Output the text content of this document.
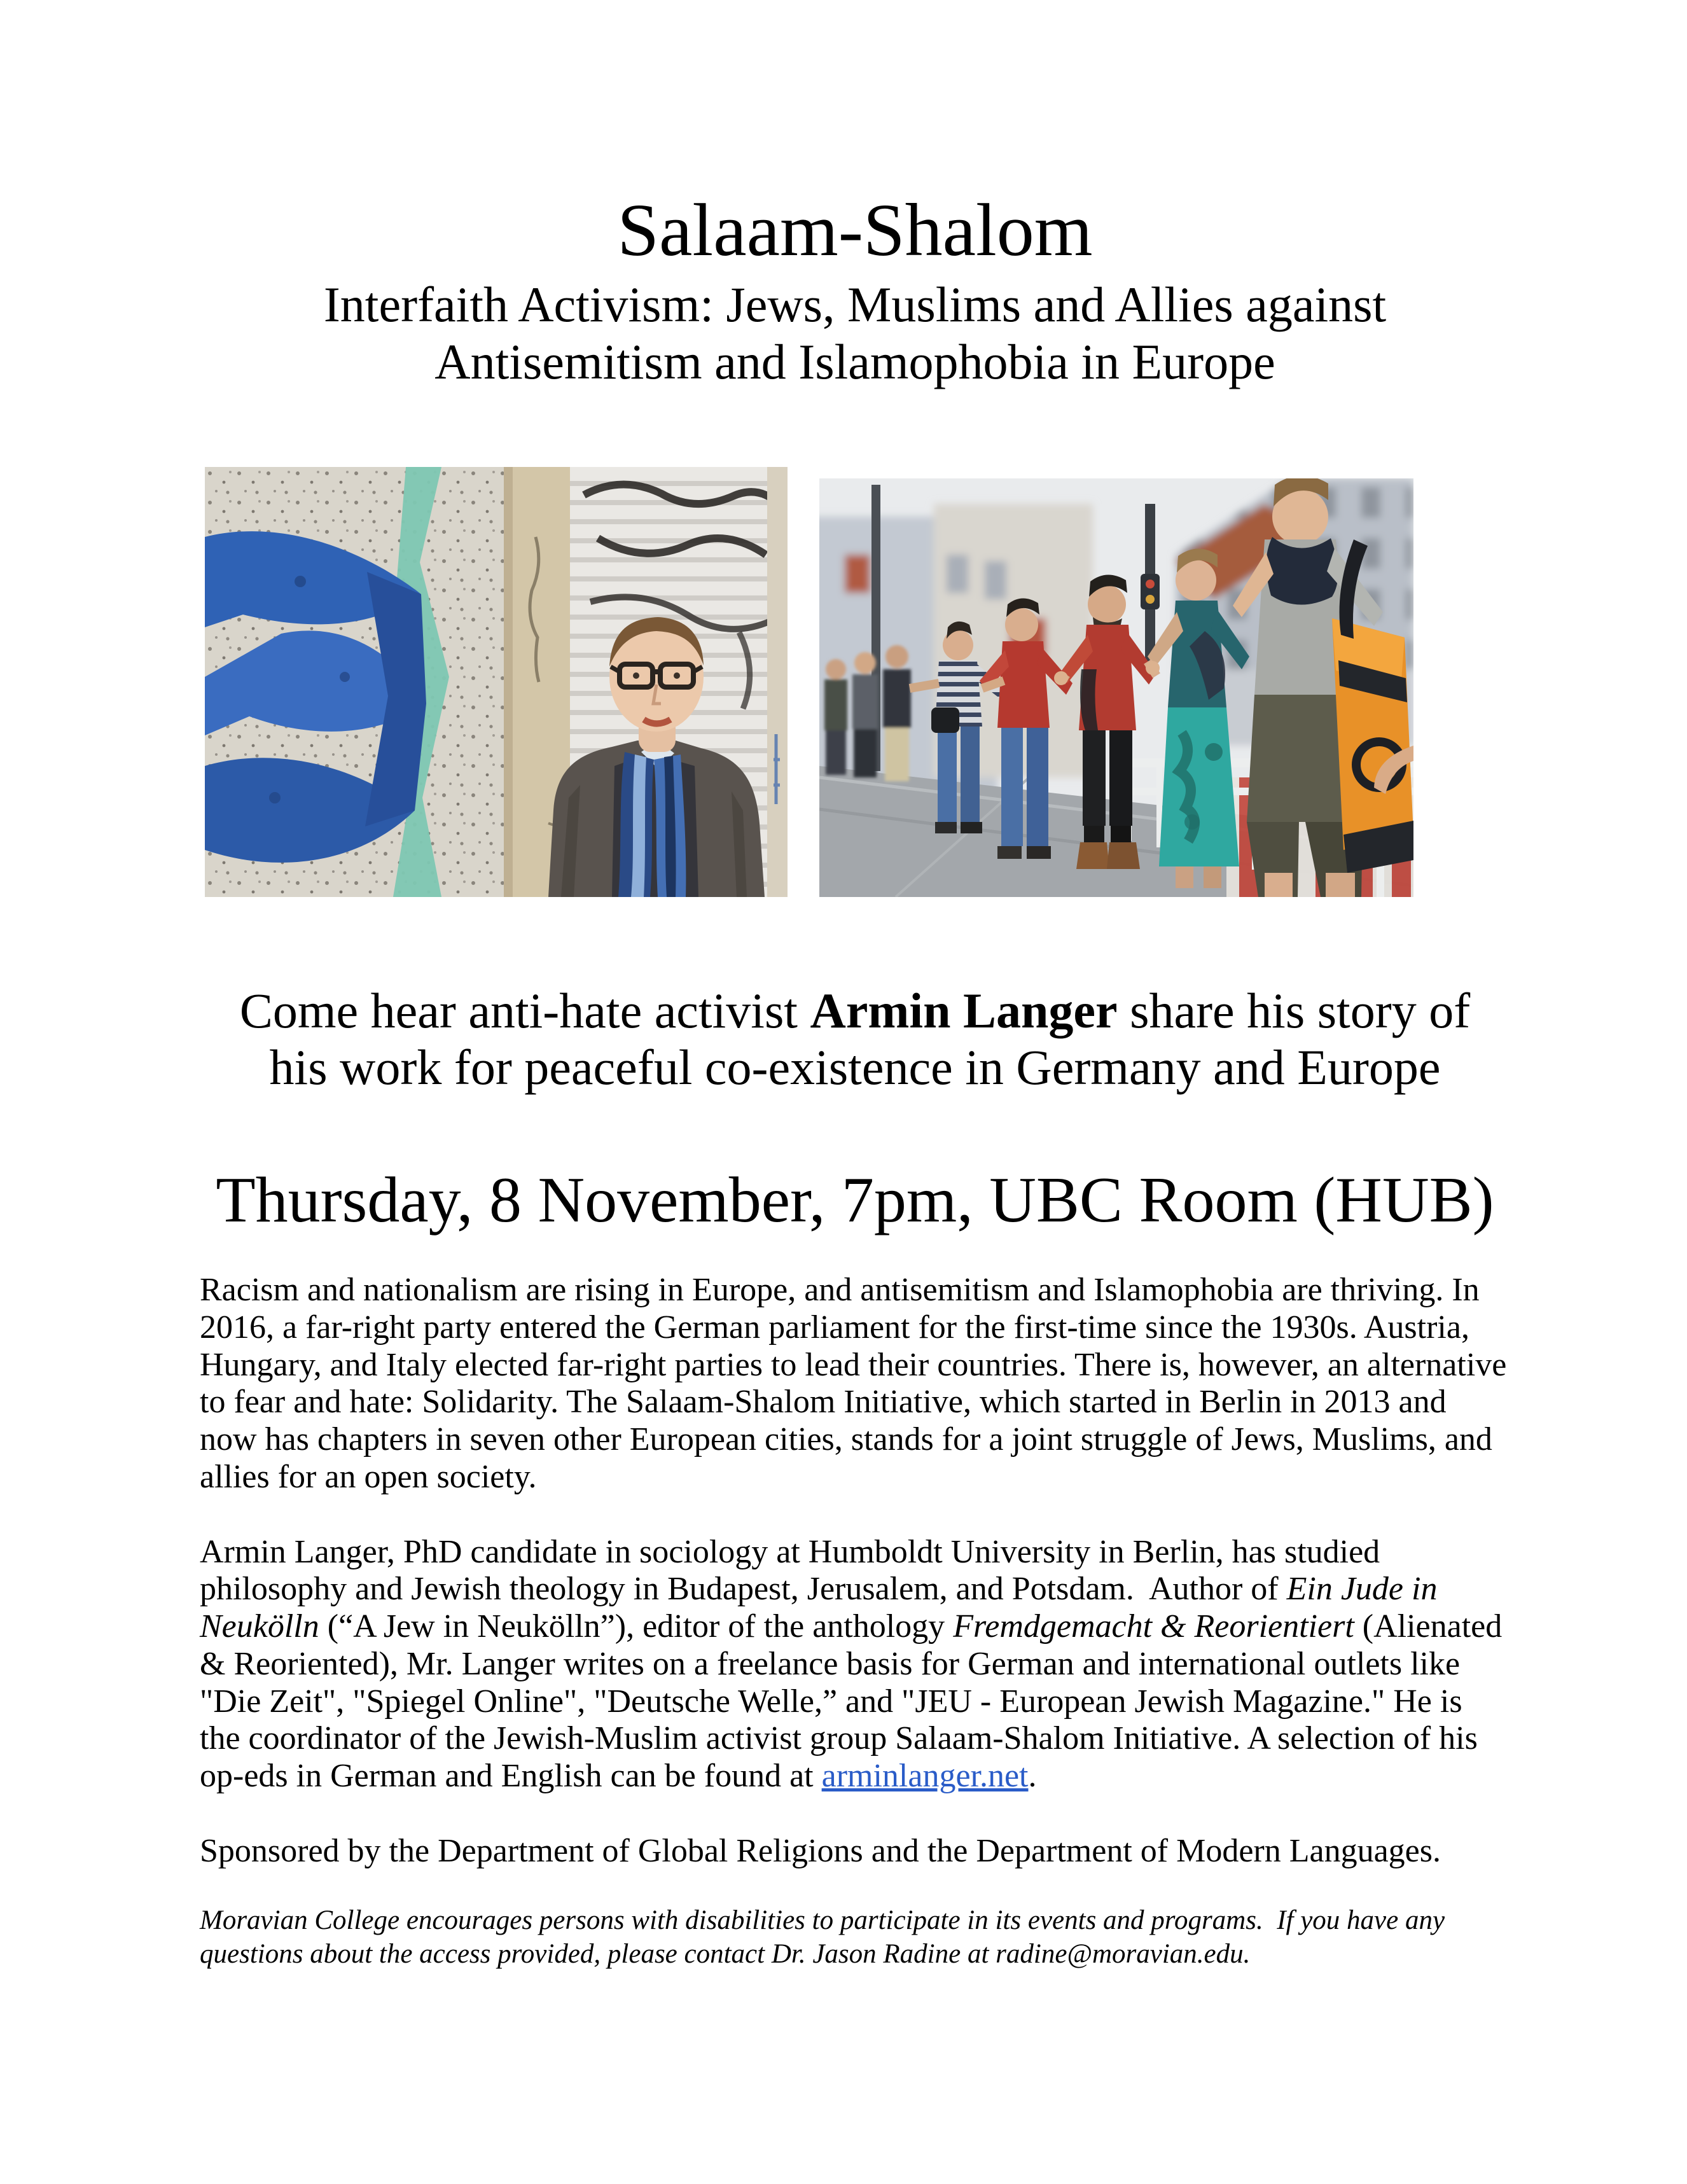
Salaam-Shalom
Interfaith Activism: Jews, Muslims and Allies against Antisemitism and Islamophobia in Europe

Come hear anti-hate activist Armin Langer share his story of his work for peaceful co-existence in Germany and Europe

Thursday, 8 November, 7pm, UBC Room (HUB)

Racism and nationalism are rising in Europe, and antisemitism and Islamophobia are thriving. In 2016, a far-right party entered the German parliament for the first-time since the 1930s. Austria, Hungary, and Italy elected far-right parties to lead their countries. There is, however, an alternative to fear and hate: Solidarity. The Salaam-Shalom Initiative, which started in Berlin in 2013 and now has chapters in seven other European cities, stands for a joint struggle of Jews, Muslims, and allies for an open society.

Armin Langer, PhD candidate in sociology at Humboldt University in Berlin, has studied philosophy and Jewish theology in Budapest, Jerusalem, and Potsdam.  Author of Ein Jude in Neukölln (“A Jew in Neukölln”), editor of the anthology Fremdgemacht & Reorientiert (Alienated & Reoriented), Mr. Langer writes on a freelance basis for German and international outlets like "Die Zeit", "Spiegel Online", "Deutsche Welle,” and "JEU - European Jewish Magazine." He is the coordinator of the Jewish-Muslim activist group Salaam-Shalom Initiative. A selection of his op-eds in German and English can be found at arminlanger.net.

Sponsored by the Department of Global Religions and the Department of Modern Languages.

Moravian College encourages persons with disabilities to participate in its events and programs.  If you have any questions about the access provided, please contact Dr. Jason Radine at radine@moravian.edu.
